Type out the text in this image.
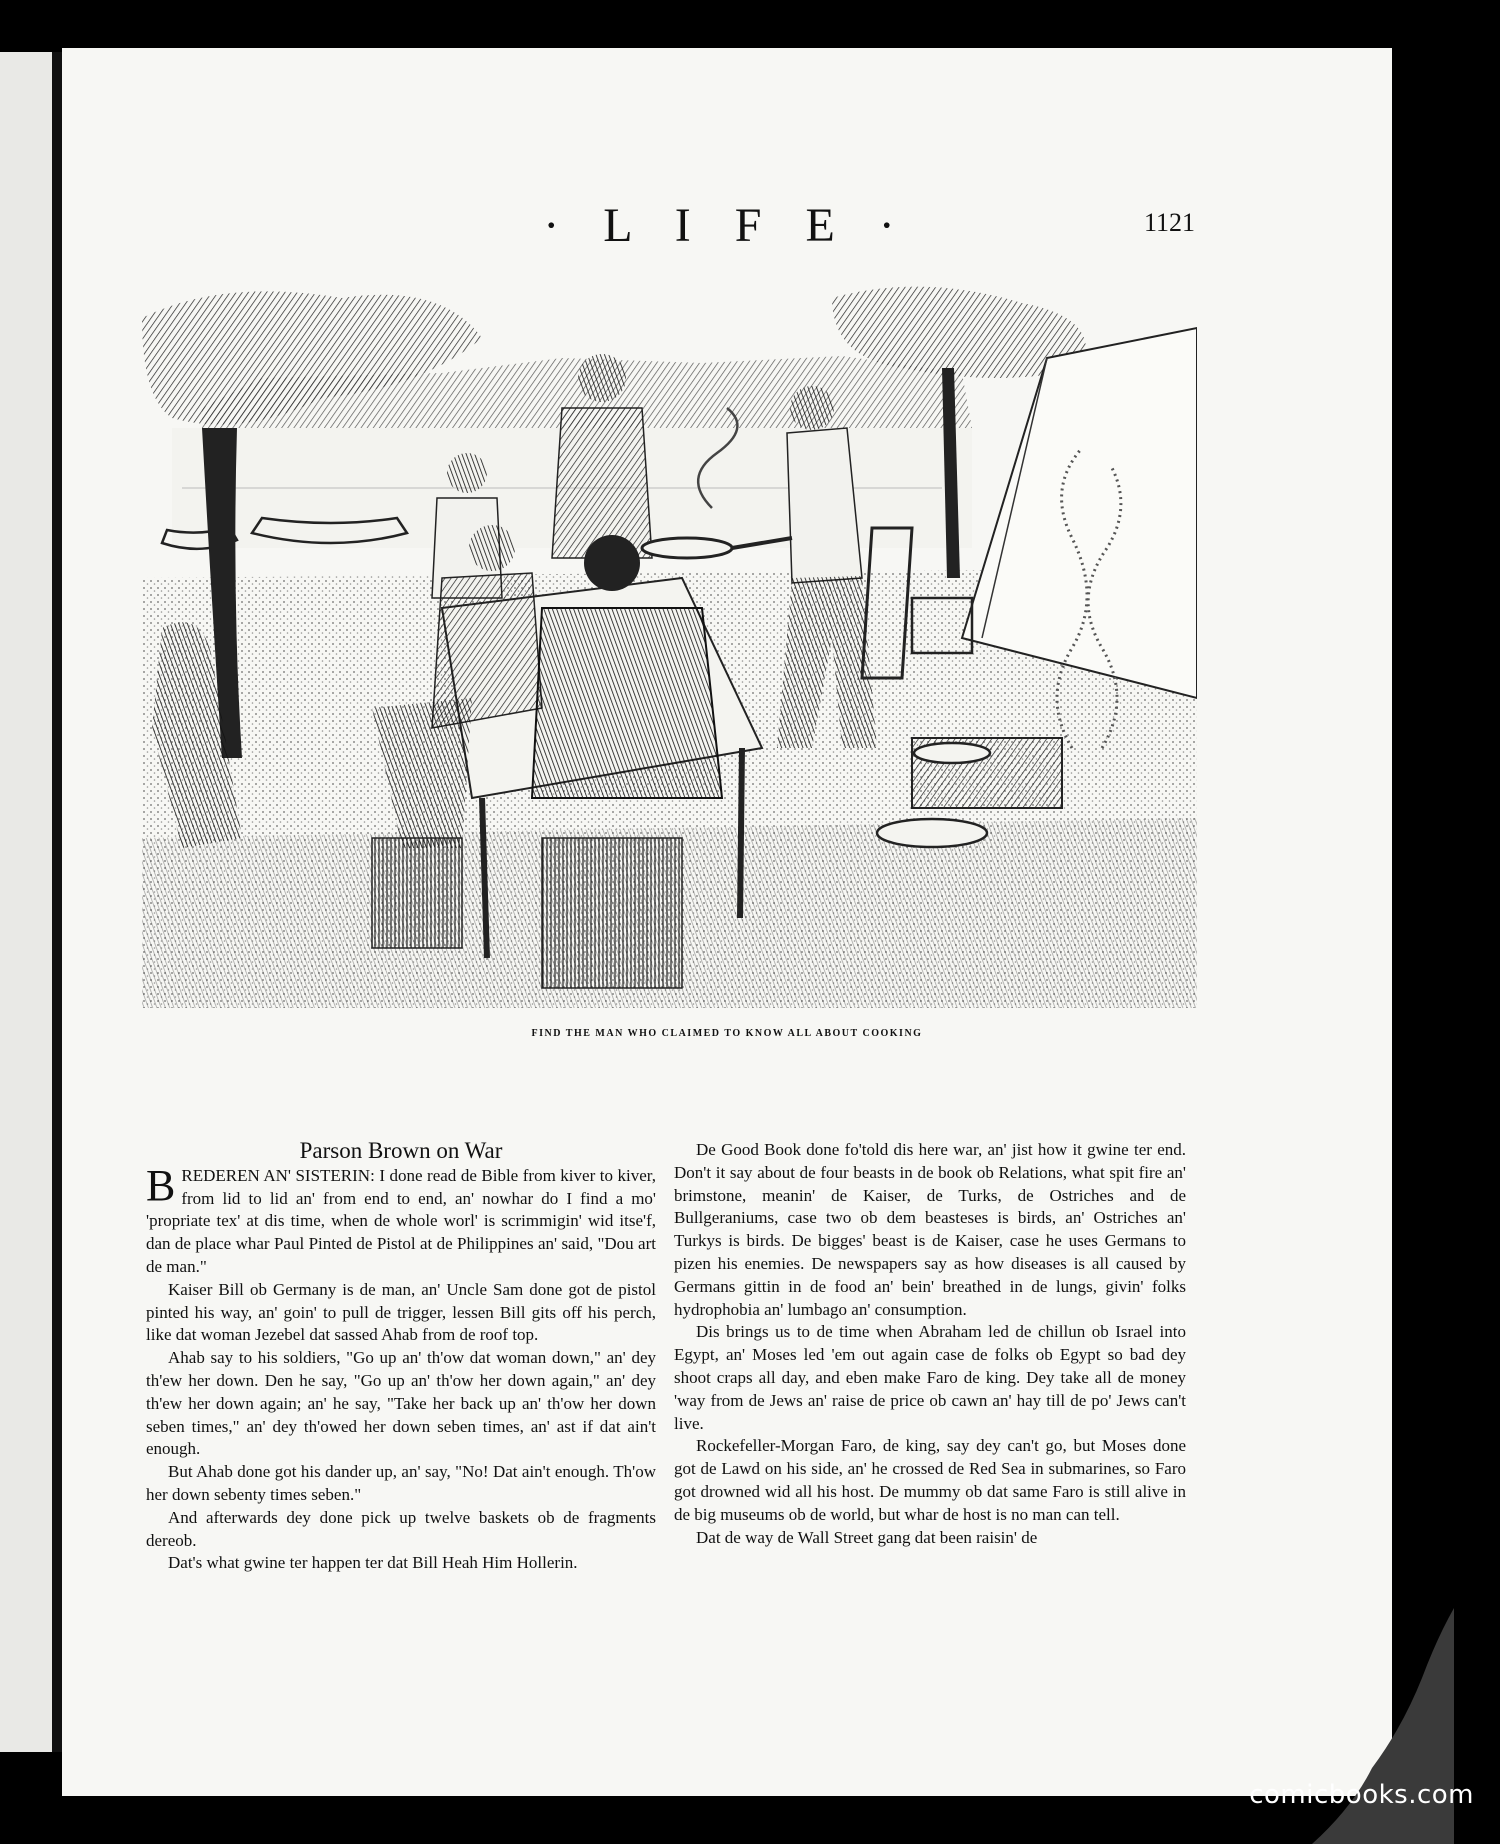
· L I F E ·	1121
FIND THE MAN WHO CLAIMED TO KNOW ALL ABOUT COOKING
Parson Brown on War

BREDEREN AN' SISTERIN: I done read de Bible from kiver to kiver, from lid to lid an' from end to end, an' nowhar do I find a mo' 'propriate tex' at dis time, when de whole worl' is scrimmigin' wid itse'f, dan de place whar Paul Pinted de Pistol at de Philippines an' said, "Dou art de man."

Kaiser Bill ob Germany is de man, an' Uncle Sam done got de pistol pinted his way, an' goin' to pull de trigger, lessen Bill gits off his perch, like dat woman Jezebel dat sassed Ahab from de roof top.

Ahab say to his soldiers, "Go up an' th'ow dat woman down," an' dey th'ew her down. Den he say, "Go up an' th'ow her down again," an' dey th'ew her down again; an' he say, "Take her back up an' th'ow her down seben times," an' dey th'owed her down seben times, an' ast if dat ain't enough.

But Ahab done got his dander up, an' say, "No! Dat ain't enough. Th'ow her down sebenty times seben."

And afterwards dey done pick up twelve baskets ob de fragments dereob.

Dat's what gwine ter happen ter dat Bill Heah Him Hollerin.

De Good Book done fo'told dis here war, an' jist how it gwine ter end. Don't it say about de four beasts in de book ob Relations, what spit fire an' brimstone, meanin' de Kaiser, de Turks, de Ostriches and de Bullgeraniums, case two ob dem beasteses is birds, an' Ostriches an' Turkys is birds. De bigges' beast is de Kaiser, case he uses Germans to pizen his enemies. De newspapers say as how diseases is all caused by Germans gittin in de food an' bein' breathed in de lungs, givin' folks hydrophobia an' lumbago an' consumption.

Dis brings us to de time when Abraham led de chillun ob Israel into Egypt, an' Moses led 'em out again case de folks ob Egypt so bad dey shoot craps all day, and eben make Faro de king. Dey take all de money 'way from de Jews an' raise de price ob cawn an' hay till de po' Jews can't live.

Rockefeller-Morgan Faro, de king, say dey can't go, but Moses done got de Lawd on his side, an' he crossed de Red Sea in submarines, so Faro got drowned wid all his host. De mummy ob dat same Faro is still alive in de big museums ob de world, but whar de host is no man can tell.

Dat de way de Wall Street gang dat been raisin' de

comicbooks.com
